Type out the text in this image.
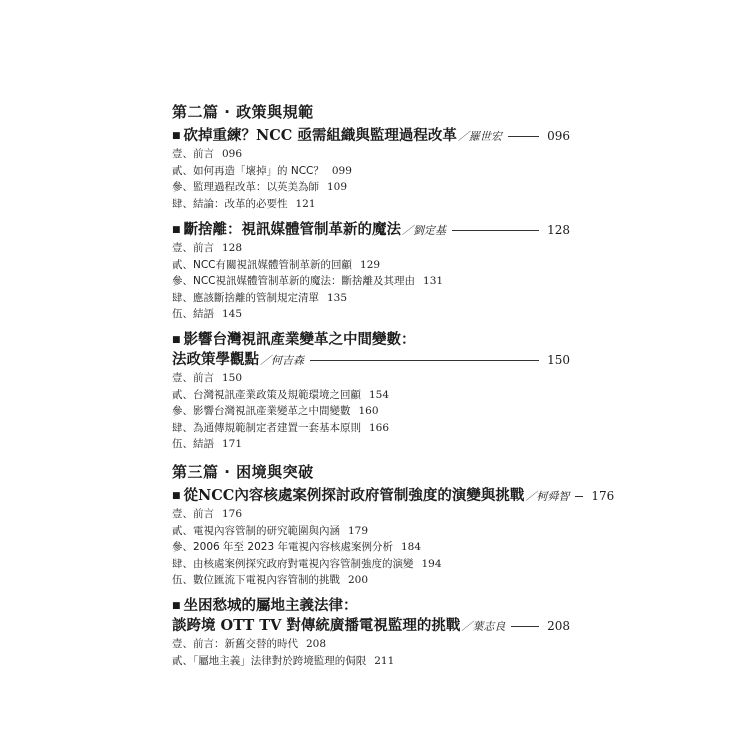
第二篇 · 政策與規範
■ 砍掉重練？NCC 亟需組織與監理過程改革 ／羅世宏	096
壹、前言 096
貳、如何再造「壞掉」的 NCC？ 099
參、監理過程改革：以英美為師 109
肆、結論：改革的必要性 121
■ 斷捨離：視訊媒體管制革新的魔法 ／劉定基	128
壹、前言 128
貳、NCC有關視訊媒體管制革新的回顧 129
參、NCC視訊媒體管制革新的魔法：斷捨離及其理由 131
肆、應該斷捨離的管制規定清單 135
伍、結語 145
■ 影響台灣視訊產業變革之中間變數：
法政策學觀點 ／何吉森	150
壹、前言 150
貳、台灣視訊產業政策及規範環境之回顧 154
參、影響台灣視訊產業變革之中間變數 160
肆、為通傳規範制定者建置一套基本原則 166
伍、結語 171
第三篇 · 困境與突破
■ 從NCC內容核處案例探討政府管制強度的演變與挑戰 ／柯舜智 176
壹、前言 176
貳、電視內容管制的研究範圍與內涵 179
參、2006 年至 2023 年電視內容核處案例分析 184
肆、由核處案例探究政府對電視內容管制強度的演變 194
伍、數位匯流下電視內容管制的挑戰 200
■ 坐困愁城的屬地主義法律：
談跨境 OTT TV 對傳統廣播電視監理的挑戰 ／葉志良	208
壹、前言：新舊交替的時代 208
貳、「屬地主義」法律對於跨境監理的侷限 211
